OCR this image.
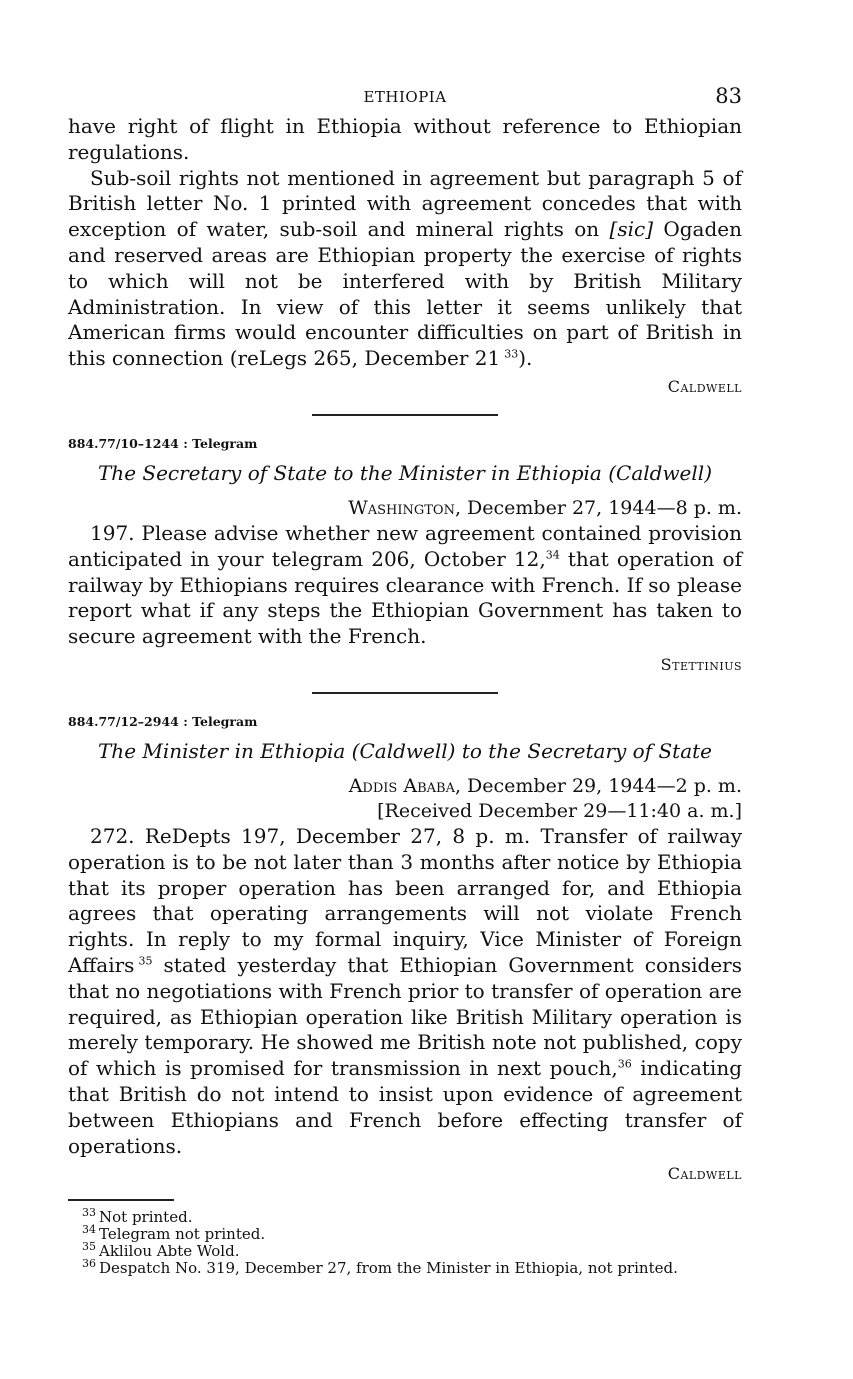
ETHIOPIA	83

have right of flight in Ethiopia without reference to Ethiopian regulations.

Sub-soil rights not mentioned in agreement but paragraph 5 of British letter No. 1 printed with agreement concedes that with exception of water, sub-soil and mineral rights on [sic] Ogaden and reserved areas are Ethiopian property the exercise of rights to which will not be interfered with by British Military Administration. In view of this letter it seems unlikely that American firms would encounter difficulties on part of British in this connection (reLegs 265, December 21  $^{33}$).

Caldwell
884.77/10–1244 : Telegram
The Secretary of State to the Minister in Ethiopia (Caldwell)
Washington, December 27, 1944—8 p. m.

197. Please advise whether new agreement contained provision anticipated in your telegram 206, October 12,34 that operation of railway by Ethiopians requires clearance with French. If so please report what if any steps the Ethiopian Government has taken to secure agreement with the French.

Stettinius
884.77/12–2944 : Telegram
The Minister in Ethiopia (Caldwell) to the Secretary of State
Addis Ababa, December 29, 1944—2 p. m.
[Received December 29—11:40 a. m.]

272. ReDepts 197, December 27, 8 p. m. Transfer of railway operation is to be not later than 3 months after notice by Ethiopia that its proper operation has been arranged for, and Ethiopia agrees that operating arrangements will not violate French rights. In reply to my formal inquiry, Vice Minister of Foreign Affairs  $^{35}$ stated yesterday that Ethiopian Government considers that no negotiations with French prior to transfer of operation are required, as Ethiopian operation like British Military operation is merely temporary. He showed me British note not published, copy of which is promised for transmission in next pouch,$^{36}$ indicating that British do not intend to insist upon evidence of agreement between Ethiopians and French before effecting transfer of operations.

Caldwell
$^{33}$  Not printed.
$^{34}$  Telegram not printed.
$^{35}$  Aklilou Abte Wold.
$^{36}$  Despatch No. 319, December 27, from the Minister in Ethiopia, not printed.
